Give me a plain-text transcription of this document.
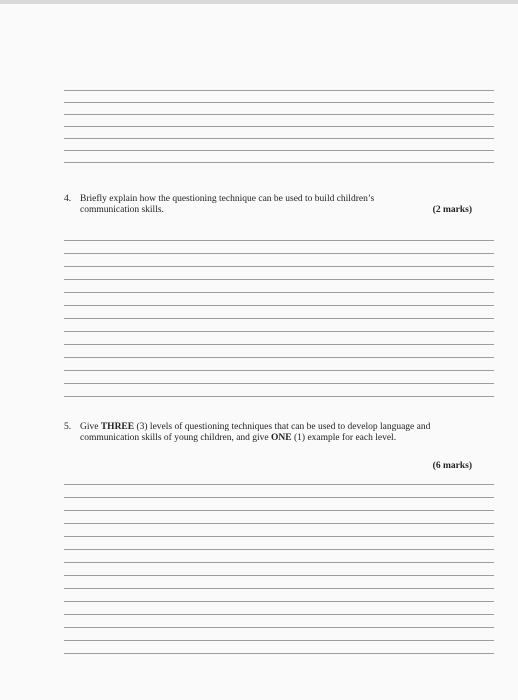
4. Briefly explain how the questioning technique can be used to build children’s
communication skills.	(2 marks)
5. Give THREE (3) levels of questioning techniques that can be used to develop language and
communication skills of young children, and give ONE (1) example for each level.
(6 marks)
